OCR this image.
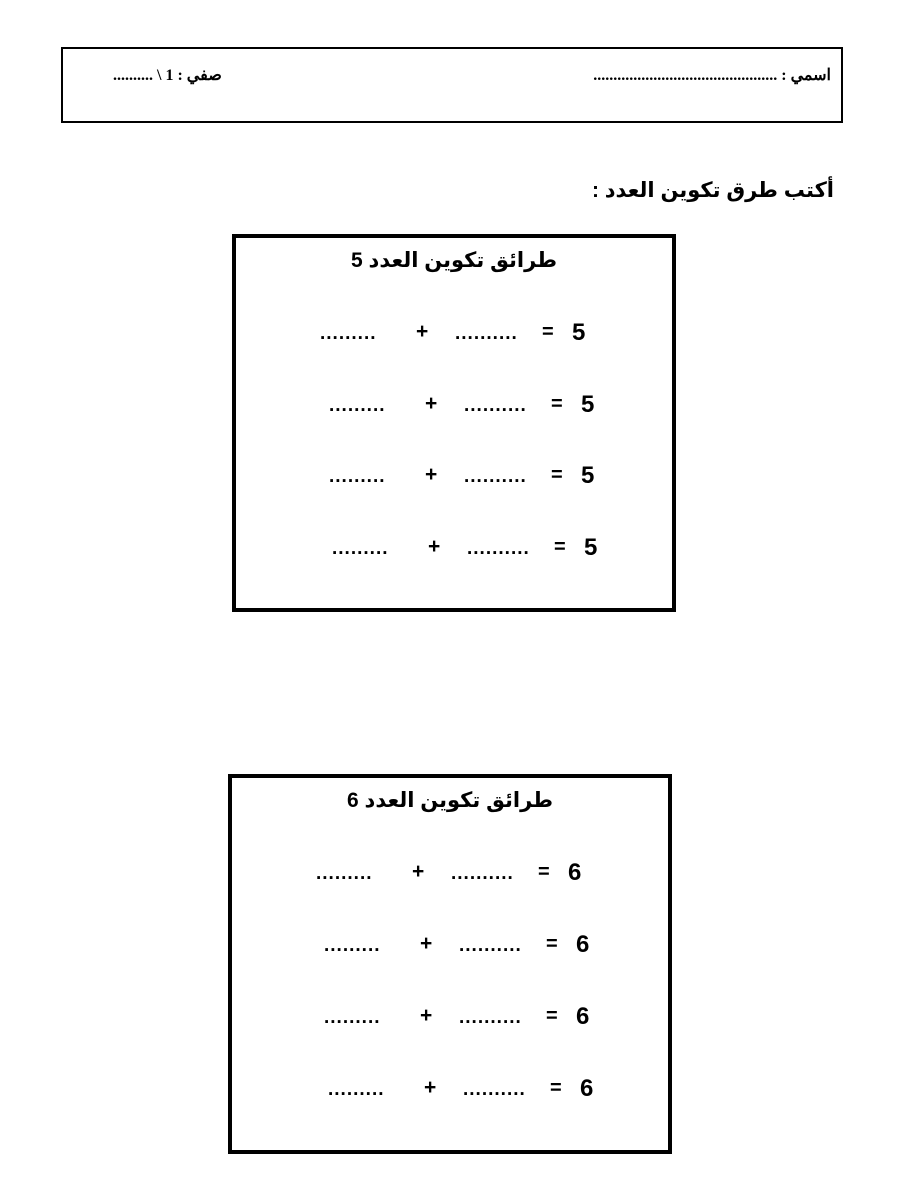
اسمي : ..............................................
صفي : 1 \ ..........
أكتب طرق تكوين العدد :
طرائق تكوين العدد 5
......... + .......... = 5
......... + .......... = 5
......... + .......... = 5
......... + .......... = 5
طرائق تكوين العدد 6
......... + .......... = 6
......... + .......... = 6
......... + .......... = 6
......... + .......... = 6
